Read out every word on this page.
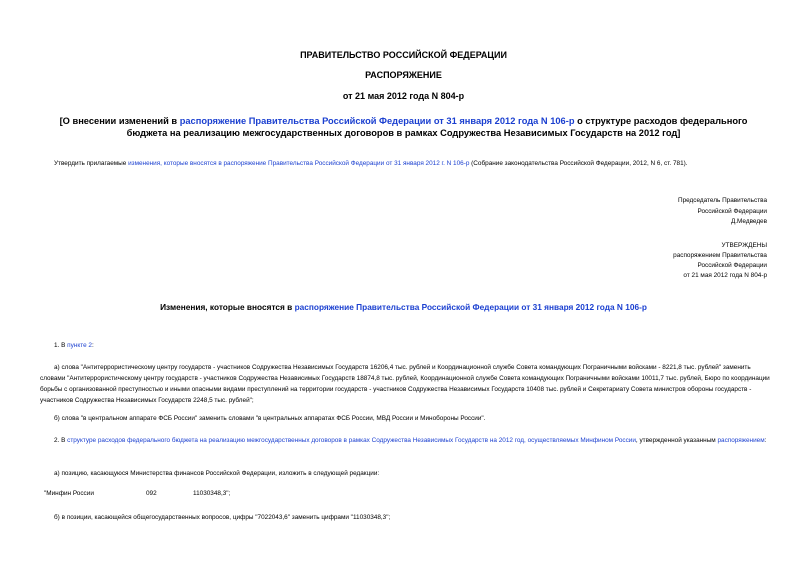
ПРАВИТЕЛЬСТВО РОССИЙСКОЙ ФЕДЕРАЦИИ
РАСПОРЯЖЕНИЕ
от 21 мая 2012 года N 804-р
[О внесении изменений в распоряжение Правительства Российской Федерации от 31 января 2012 года N 106-р о структуре расходов федерального бюджета на реализацию межгосударственных договоров в рамках Содружества Независимых Государств на 2012 год]
Утвердить прилагаемые изменения, которые вносятся в распоряжение Правительства Российской Федерации от 31 января 2012 г. N 106-р (Собрание законодательства Российской Федерации, 2012, N 6, ст. 781).
Председатель Правительства
Российской Федерации
Д.Медведев
УТВЕРЖДЕНЫ
распоряжением Правительства
Российской Федерации
от 21 мая 2012 года N 804-р
Изменения, которые вносятся в распоряжение Правительства Российской Федерации от 31 января 2012 года N 106-р
1. В пункте 2:
а) слова "Антитеррористическому центру государств - участников Содружества Независимых Государств 16206,4 тыс. рублей и Координационной службе Совета командующих Пограничными войсками - 8221,8 тыс. рублей" заменить словами "Антитеррористическому центру государств - участников Содружества Независимых Государств 18874,8 тыс. рублей, Координационной службе Совета командующих Пограничными войсками 10011,7 тыс. рублей, Бюро по координации борьбы с организованной преступностью и иными опасными видами преступлений на территории государств - участников Содружества Независимых Государств 10408 тыс. рублей и Секретариату Совета министров обороны государств - участников Содружества Независимых Государств 2248,5 тыс. рублей";
б) слова "в центральном аппарате ФСБ России" заменить словами "в центральных аппаратах ФСБ России, МВД России и Минобороны России".
2. В структуре расходов федерального бюджета на реализацию межгосударственных договоров в рамках Содружества Независимых Государств на 2012 год, осуществляемых Минфином России, утвержденной указанным распоряжением:
а) позицию, касающуюся Министерства финансов Российской Федерации, изложить в следующей редакции:
"Минфин России	092	11030348,3";
б) в позиции, касающейся общегосударственных вопросов, цифры "7022043,6" заменить цифрами "11030348,3";
